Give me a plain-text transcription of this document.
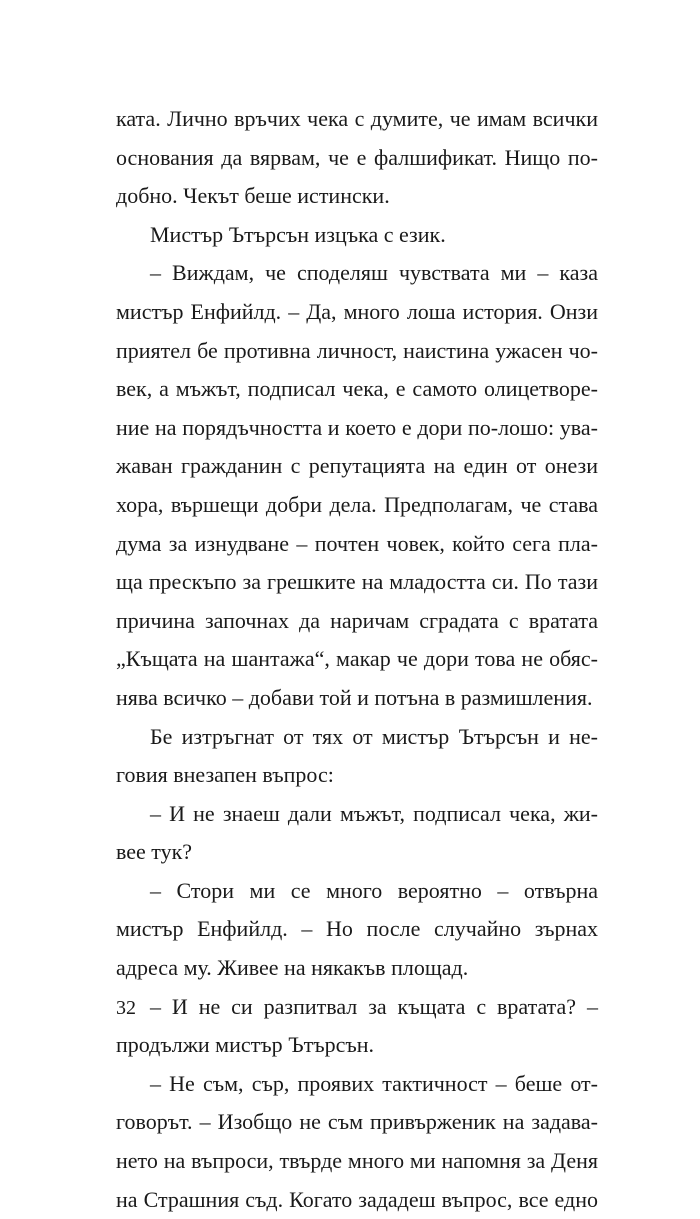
ката. Лично връчих чека с думите, че имам всички
основания да вярвам, че е фалшификат. Нищо по-
добно. Чекът беше истински.
Мистър Ътърсън изцъка с език.
– Виждам, че споделяш чувствата ми – каза
мистър Енфийлд. – Да, много лоша история. Онзи
приятел бе противна личност, наистина ужасен чо-
век, а мъжът, подписал чека, е самото олицетворе-
ние на порядъчността и което е дори по-лошо: ува-
жаван гражданин с репутацията на един от онези
хора, вършещи добри дела. Предполагам, че става
дума за изнудване – почтен човек, който сега пла-
ща прескъпо за грешките на младостта си. По тази
причина започнах да наричам сградата с вратата
„Къщата на шантажа“, макар че дори това не обяс-
нява всичко – добави той и потъна в размишления.
Бе изтръгнат от тях от мистър Ътърсън и не-
говия внезапен въпрос:
– И не знаеш дали мъжът, подписал чека, жи-
вее тук?
– Стори ми се много вероятно – отвърна
мистър Енфийлд. – Но после случайно зърнах
адреса му. Живее на някакъв площад.
– И не си разпитвал за къщата с вратата? –
продължи мистър Ътърсън.
– Не съм, сър, проявих тактичност – беше от-
говорът. – Изобщо не съм привърженик на задава-
нето на въпроси, твърде много ми напомня за Деня
на Страшния съд. Когато зададеш въпрос, все едно
32
